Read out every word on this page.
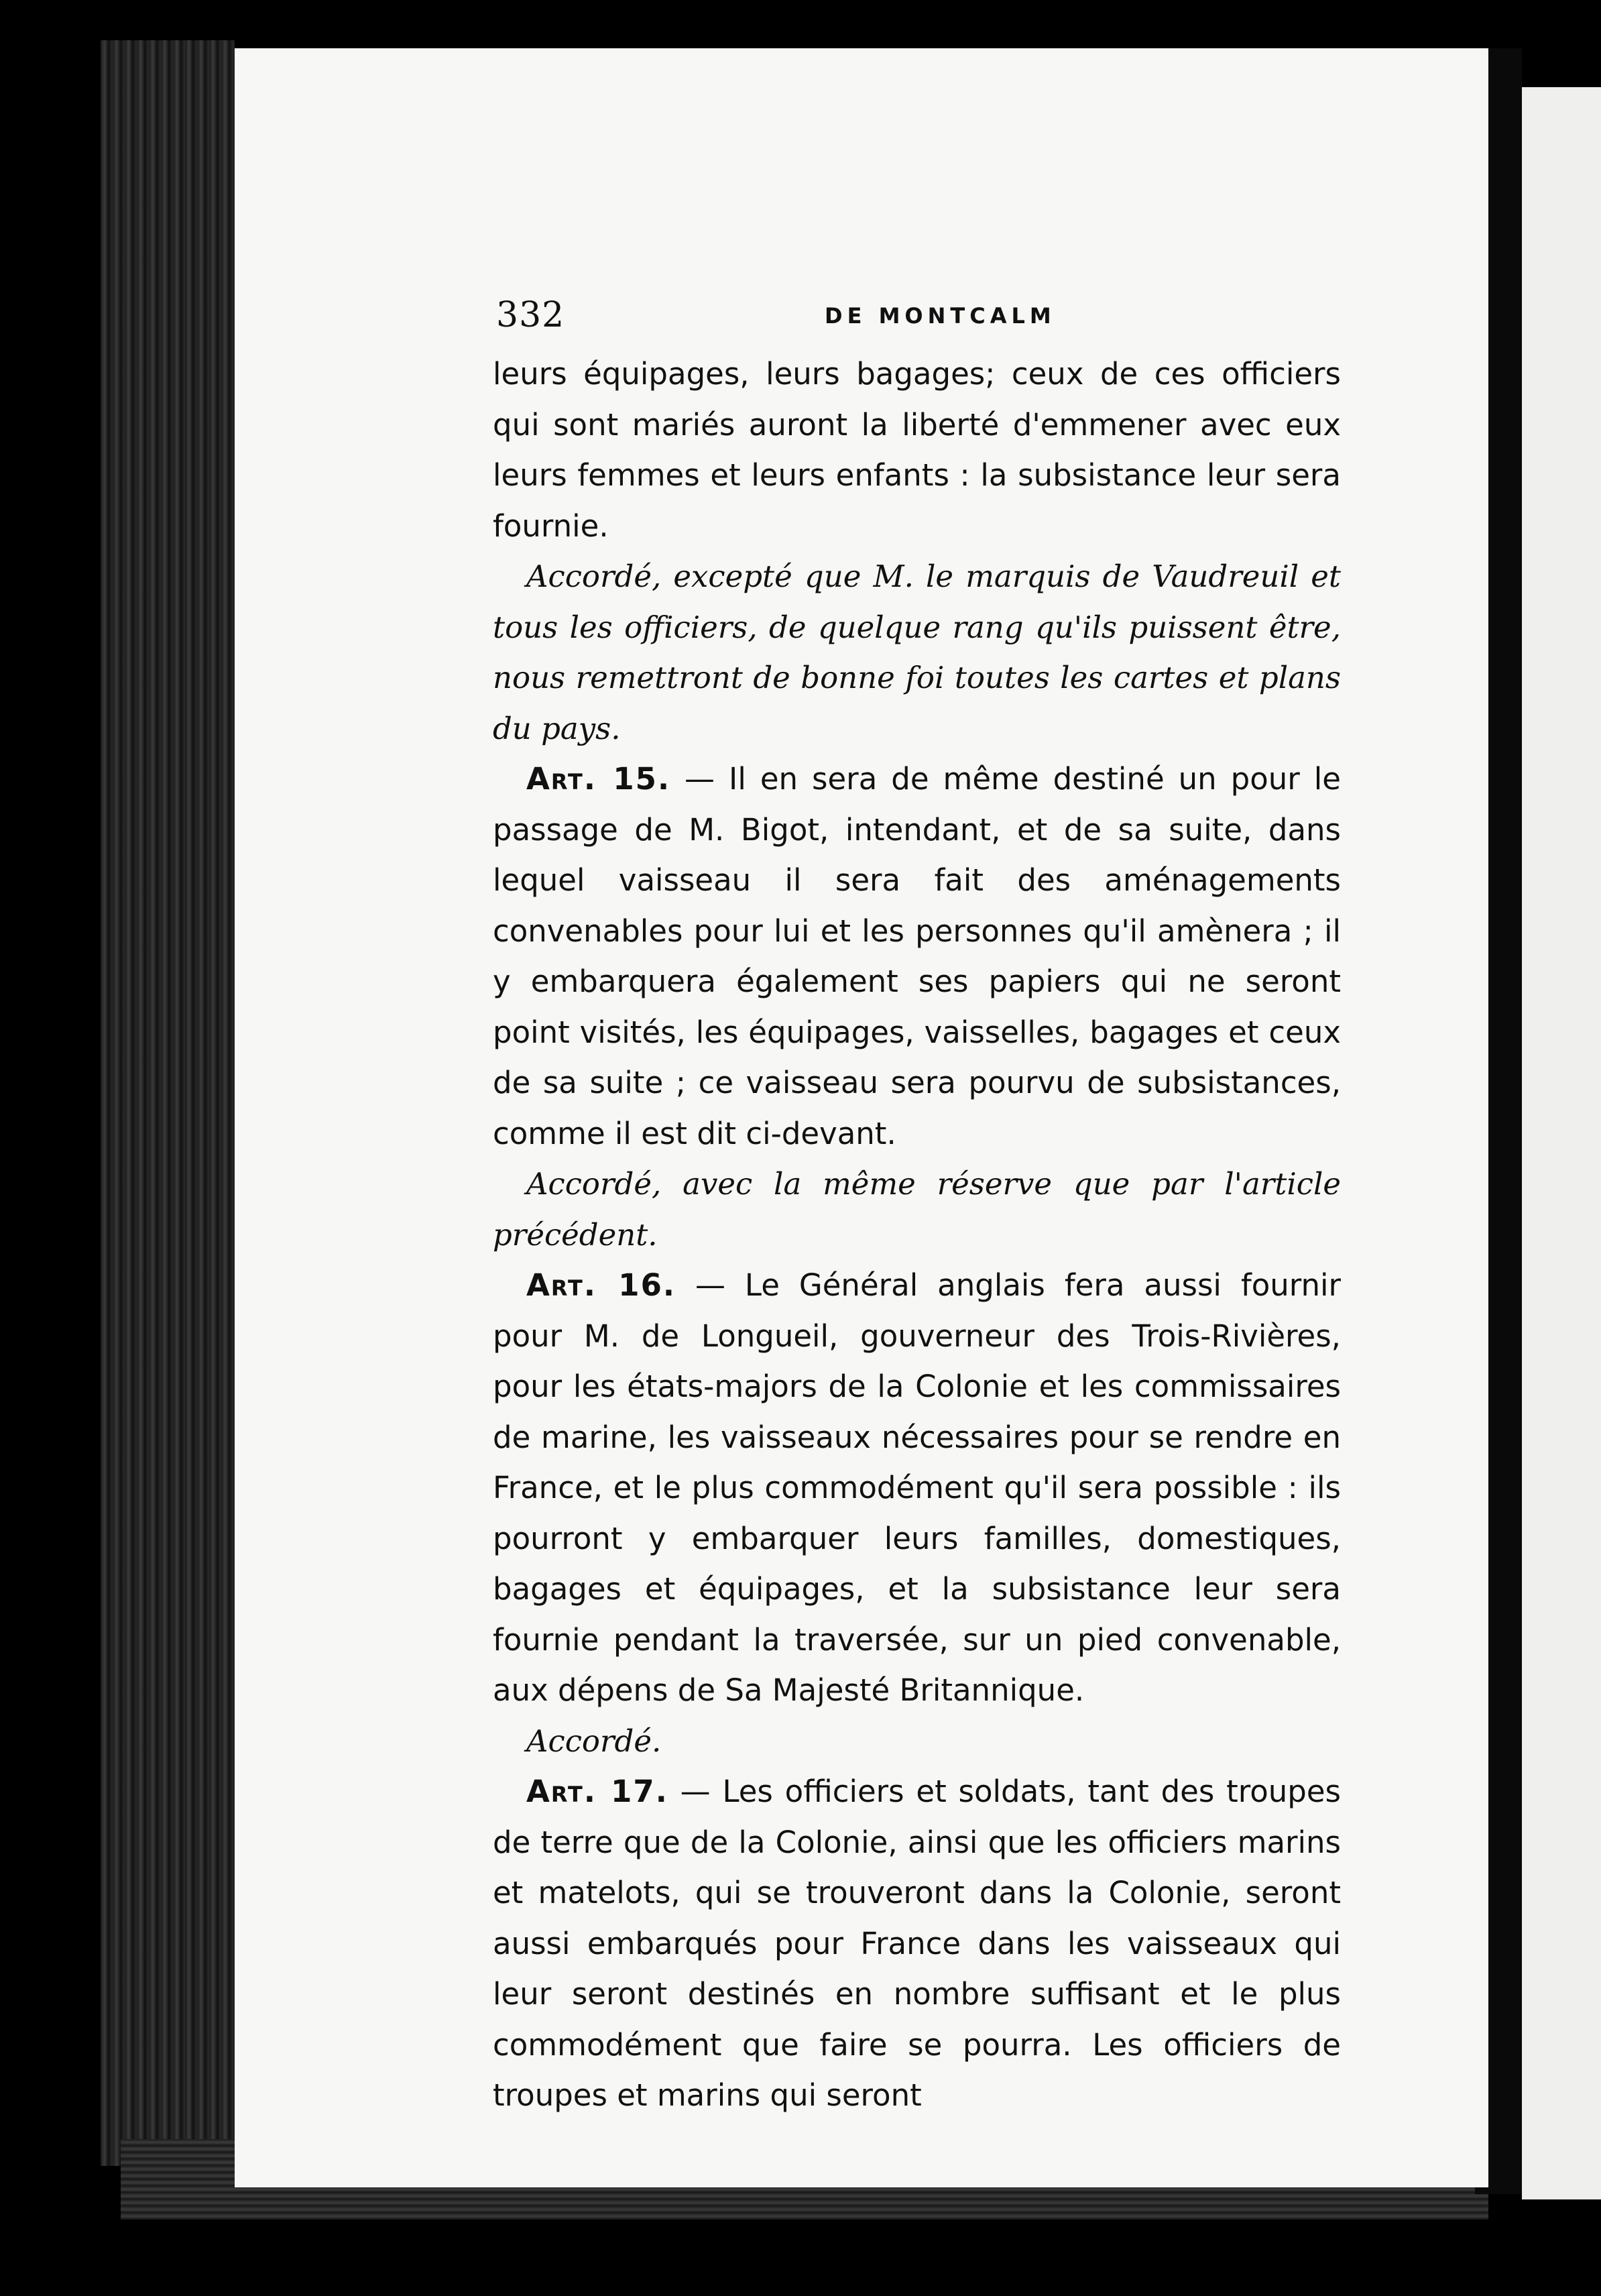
332	DE MONTCALM

leurs équipages, leurs bagages; ceux de ces officiers qui sont mariés auront la liberté d'emmener avec eux leurs femmes et leurs enfants : la subsistance leur sera fournie.

Accordé, excepté que M. le marquis de Vaudreuil et tous les officiers, de quelque rang qu'ils puissent être, nous remettront de bonne foi toutes les cartes et plans du pays.

Art. 15. — Il en sera de même destiné un pour le passage de M. Bigot, intendant, et de sa suite, dans lequel vaisseau il sera fait des aménagements convenables pour lui et les personnes qu'il amènera ; il y embarquera également ses papiers qui ne seront point visités, les équipages, vaisselles, bagages et ceux de sa suite ; ce vaisseau sera pourvu de subsistances, comme il est dit ci-devant.

Accordé, avec la même réserve que par l'article précédent.

Art. 16. — Le Général anglais fera aussi fournir pour M. de Longueil, gouverneur des Trois-Rivières, pour les états-majors de la Colonie et les commissaires de marine, les vaisseaux nécessaires pour se rendre en France, et le plus commodément qu'il sera possible : ils pourront y embarquer leurs familles, domestiques, bagages et équipages, et la subsistance leur sera fournie pendant la traversée, sur un pied convenable, aux dépens de Sa Majesté Britannique.

Accordé.

Art. 17. — Les officiers et soldats, tant des troupes de terre que de la Colonie, ainsi que les officiers marins et matelots, qui se trouveront dans la Colonie, seront aussi embarqués pour France dans les vaisseaux qui leur seront destinés en nombre suffisant et le plus commodément que faire se pourra. Les officiers de troupes et marins qui seront
